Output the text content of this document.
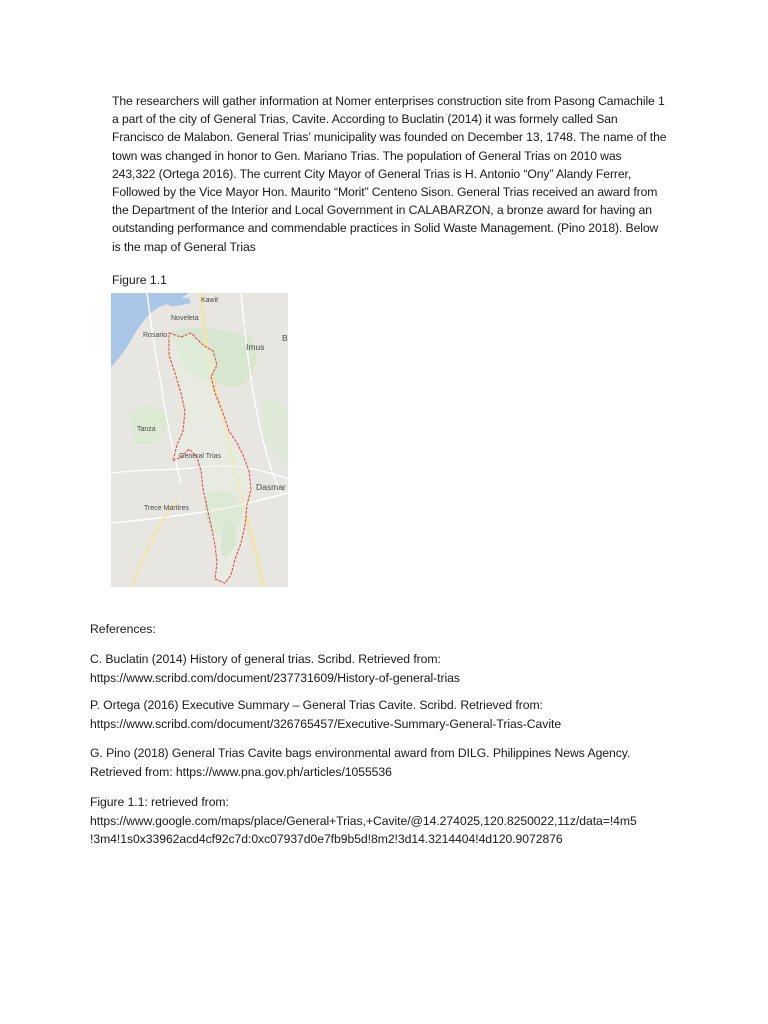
The researchers will gather information at Nomer enterprises construction site from Pasong Camachile 1 a part of the city of General Trias, Cavite. According to Buclatin (2014) it was formely called San Francisco de Malabon. General Trias’ municipality was founded on December 13, 1748. The name of the town was changed in honor to Gen. Mariano Trias. The population of General Trias on 2010 was 243,322 (Ortega 2016). The current City Mayor of General Trias is H. Antonio “Ony” Alandy Ferrer, Followed by the Vice Mayor Hon. Maurito “Morit” Centeno Sison. General Trias received an award from the Department of the Interior and Local Government in CALABARZON, a bronze award for having an outstanding performance and commendable practices in Solid Waste Management. (Pino 2018). Below is the map of General Trias

Figure 1.1

Kawit
Noveleta
Rosario
Imus
B
Tanza
General Trias
Dasmar
Trece Martires

References:

C. Buclatin (2014) History of general trias. Scribd. Retrieved from:
https://www.scribd.com/document/237731609/History-of-general-trias

P. Ortega (2016) Executive Summary – General Trias Cavite. Scribd. Retrieved from:
https://www.scribd.com/document/326765457/Executive-Summary-General-Trias-Cavite

G. Pino (2018) General Trias Cavite bags environmental award from DILG. Philippines News Agency.
Retrieved from: https://www.pna.gov.ph/articles/1055536

Figure 1.1: retrieved from:
https://www.google.com/maps/place/General+Trias,+Cavite/@14.274025,120.8250022,11z/data=!4m5
!3m4!1s0x33962acd4cf92c7d:0xc07937d0e7fb9b5d!8m2!3d14.3214404!4d120.9072876
